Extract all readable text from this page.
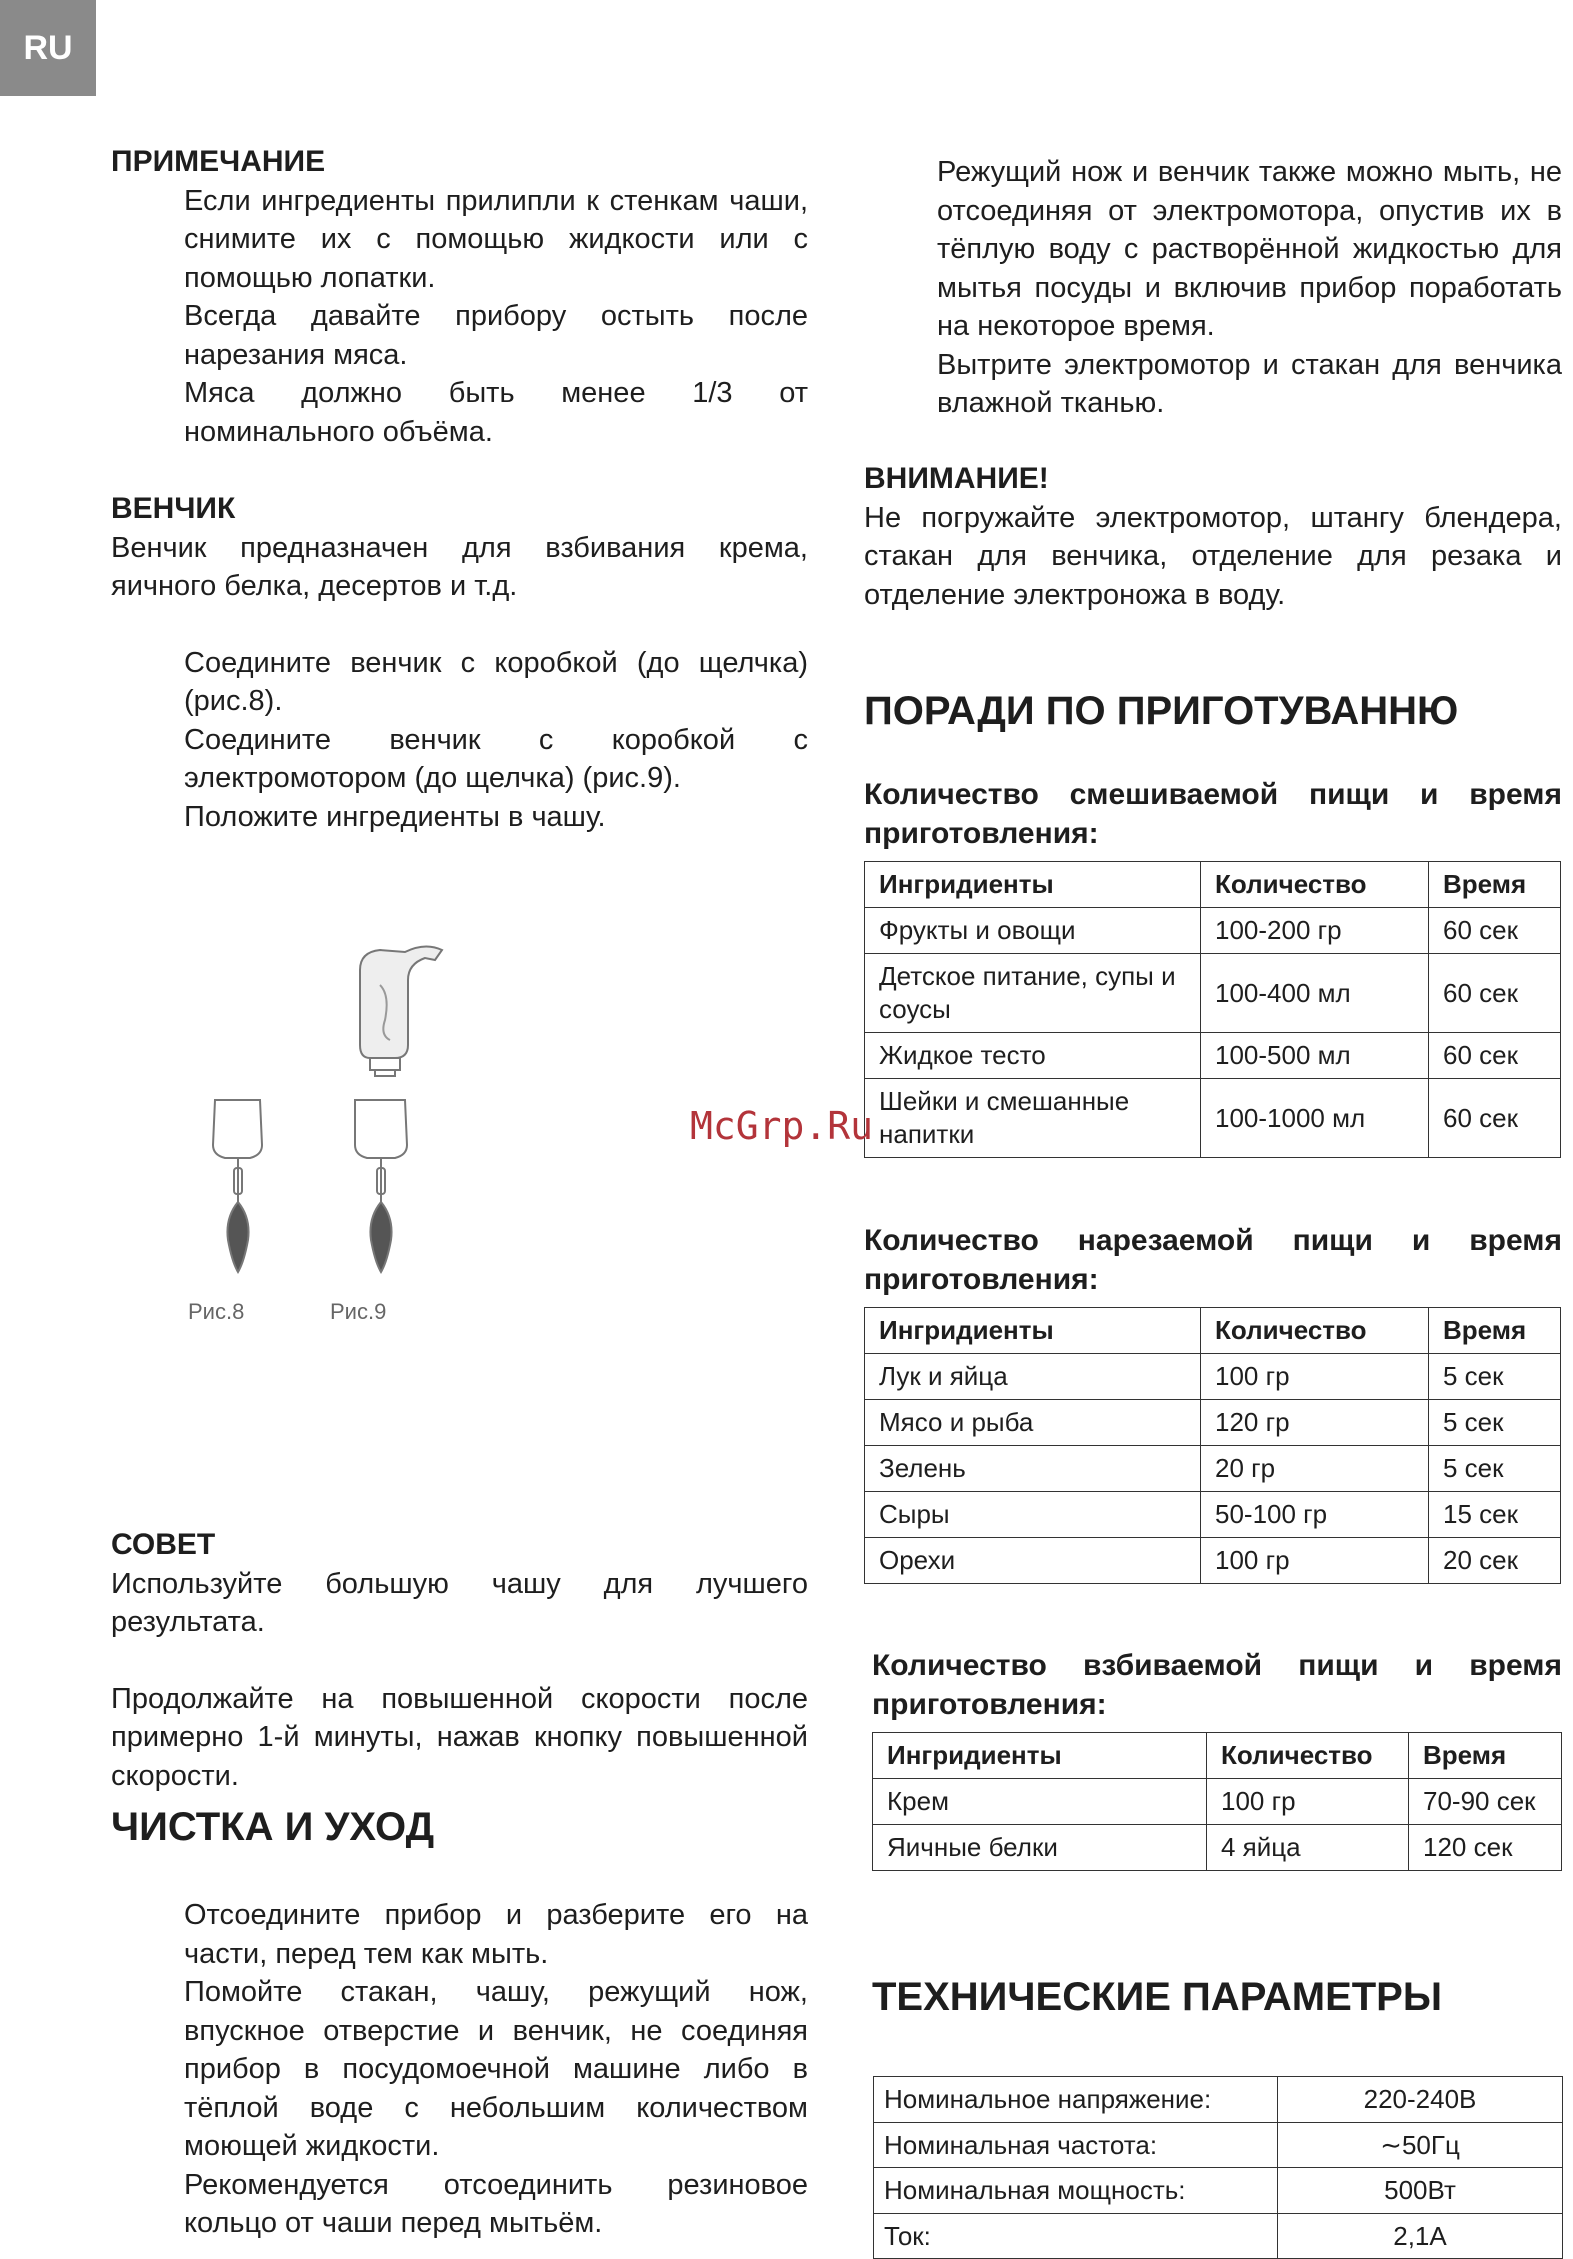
RU

ПРИМЕЧАНИЕ

Если ингредиенты прилипли к стенкам чаши, снимите их с помощью жидкости или с помощью лопатки.

Всегда давайте прибору остыть после нарезания мяса.

Мяса должно быть менее 1/3 от номинального объёма.

ВЕНЧИК

Венчик предназначен для взбивания крема, яичного белка, десертов и т.д.

Соедините венчик с коробкой (до щелчка) (рис.8).

Соедините венчик с коробкой с электромотором (до щелчка) (рис.9).

Положите ингредиенты в чашу.

Рис.8	Рис.9

СОВЕТ

Используйте большую чашу для лучшего результата.

Продолжайте на повышенной скорости после примерно 1-й минуты, нажав кнопку повышенной скорости.

ЧИСТКА И УХОД

Отсоедините прибор и разберите его на части, перед тем как мыть.

Помойте стакан, чашу, режущий нож, впускное отверстие и венчик, не соединяя прибор в посудомоечной машине либо в тёплой воде с небольшим количеством моющей жидкости.

Рекомендуется отсоединить резиновое кольцо от чаши перед мытьём.

Режущий нож и венчик также можно мыть, не отсоединяя от электромотора, опустив их в тёплую воду с растворённой жидкостью для мытья посуды и включив прибор поработать на некоторое время.

Вытрите электромотор и стакан для венчика влажной тканью.

ВНИМАНИЕ!

Не погружайте электромотор, штангу блендера, стакан для венчика, отделение для резака и отделение электроножа в воду.

ПОРАДИ ПО ПРИГОТУВАННЮ

Количество смешиваемой пищи и время приготовления:

Ингридиенты	Количество	Время
Фрукты и овощи	100-200 гр	60 сек
Детское питание, супы и соусы	100-400 мл	60 сек
Жидкое тесто	100-500 мл	60 сек
Шейки и смешанные напитки	100-1000 мл	60 сек

Количество нарезаемой пищи и время приготовления:

Ингридиенты	Количество	Время
Лук и яйца	100 гр	5 сек
Мясо и рыба	120 гр	5 сек
Зелень	20 гр	5 сек
Сыры	50-100 гр	15 сек
Орехи	100 гр	20 сек

Количество взбиваемой пищи и время приготовления:

Ингридиенты	Количество	Время
Крем	100 гр	70-90 сек
Яичные белки	4 яйца	120 сек

ТЕХНИЧЕСКИЕ ПАРАМЕТРЫ

Номинальное напряжение:	220-240В
Номинальная частота:	∼50Гц
Номинальная мощность:	500Вт
Ток:	2,1А
McGrp.Ru
